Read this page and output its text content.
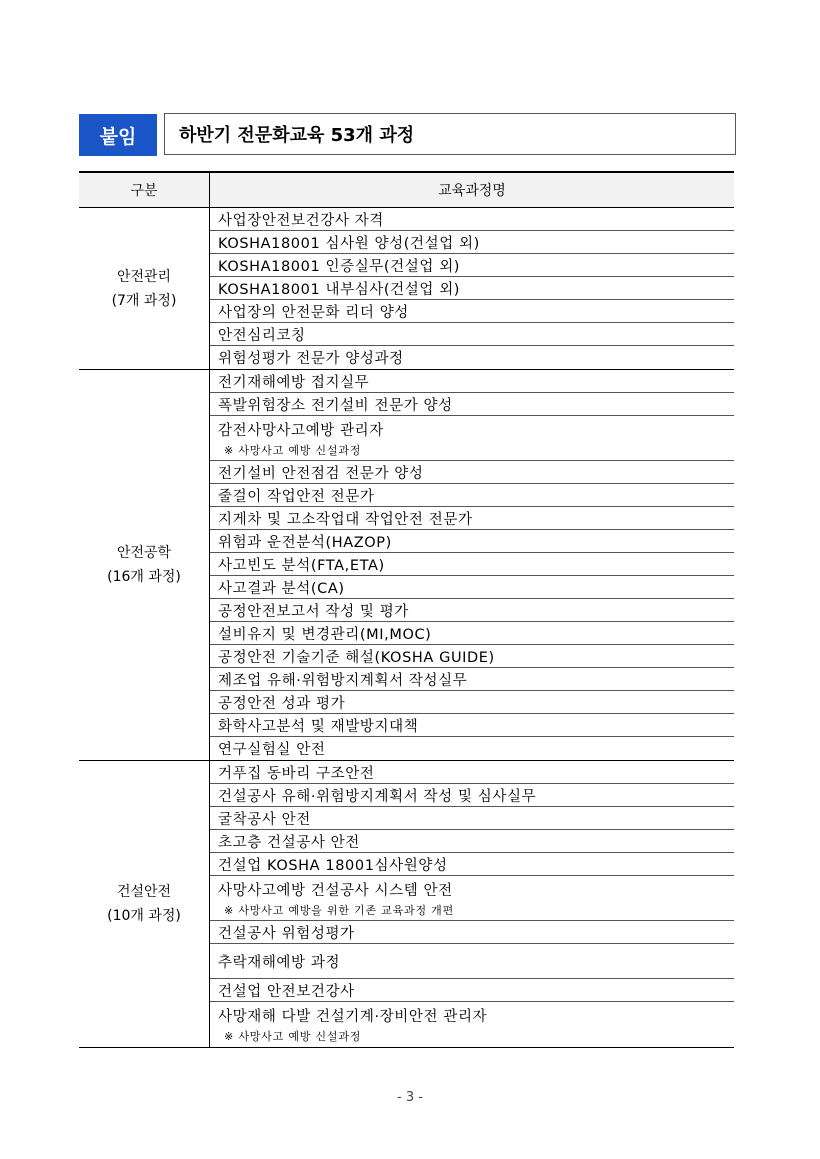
붙임	하반기 전문화교육 53개 과정
구분	교육과정명
안전관리
(7개 과정)
사업장안전보건강사 자격
KOSHA18001 심사원 양성(건설업 외)
KOSHA18001 인증실무(건설업 외)
KOSHA18001 내부심사(건설업 외)
사업장의 안전문화 리더 양성
안전심리코칭
위험성평가 전문가 양성과정
안전공학
(16개 과정)
전기재해예방 접지실무
폭발위험장소 전기설비 전문가 양성
감전사망사고예방 관리자
※ 사망사고 예방 신설과정
전기설비 안전점검 전문가 양성
줄걸이 작업안전 전문가
지게차 및 고소작업대 작업안전 전문가
위험과 운전분석(HAZOP)
사고빈도 분석(FTA,ETA)
사고결과 분석(CA)
공정안전보고서 작성 및 평가
설비유지 및 변경관리(MI,MOC)
공정안전 기술기준 해설(KOSHA GUIDE)
제조업 유해·위험방지계획서 작성실무
공정안전 성과 평가
화학사고분석 및 재발방지대책
연구실험실 안전
건설안전
(10개 과정)
거푸집 동바리 구조안전
건설공사 유해·위험방지계획서 작성 및 심사실무
굴착공사 안전
초고층 건설공사 안전
건설업 KOSHA 18001심사원양성
사망사고예방 건설공사 시스템 안전
※ 사망사고 예방을 위한 기존 교육과정 개편
건설공사 위험성평가
추락재해예방 과정
건설업 안전보건강사
사망재해 다발 건설기계·장비안전 관리자
※ 사망사고 예방 신설과정
- 3 -
